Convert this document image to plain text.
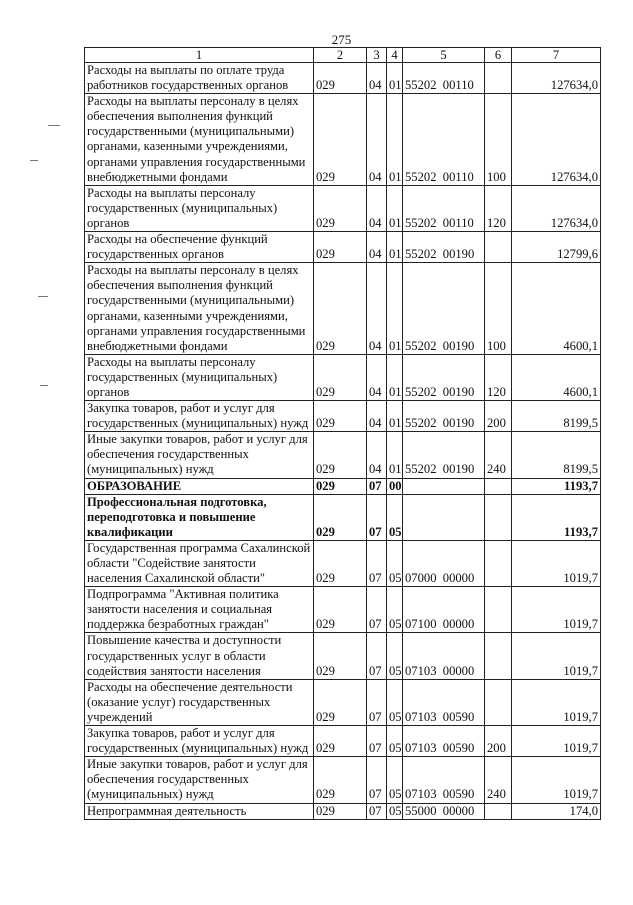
275
1	2	3	4	5	6	7
Расходы на выплаты по оплате труда работников государственных органов	029	04	01	55202  00110		127634,0
Расходы на выплаты персоналу в целях обеспечения выполнения функций государственными (муниципальными) органами, казенными учреждениями, органами управления государственными внебюджетными фондами	029	04	01	55202  00110	100	127634,0
Расходы на выплаты персоналу государственных (муниципальных) органов	029	04	01	55202  00110	120	127634,0
Расходы на обеспечение функций государственных органов	029	04	01	55202  00190		12799,6
Расходы на выплаты персоналу в целях обеспечения выполнения функций государственными (муниципальными) органами, казенными учреждениями, органами управления государственными внебюджетными фондами	029	04	01	55202  00190	100	4600,1
Расходы на выплаты персоналу государственных (муниципальных) органов	029	04	01	55202  00190	120	4600,1
Закупка товаров, работ и услуг для государственных (муниципальных) нужд	029	04	01	55202  00190	200	8199,5
Иные закупки товаров, работ и услуг для обеспечения государственных (муниципальных) нужд	029	04	01	55202  00190	240	8199,5
ОБРАЗОВАНИЕ	029	07	00			1193,7
Профессиональная подготовка, переподготовка и повышение квалификации	029	07	05			1193,7
Государственная программа Сахалинской области "Содействие занятости населения Сахалинской области"	029	07	05	07000  00000		1019,7
Подпрограмма "Активная политика занятости населения и социальная поддержка безработных граждан"	029	07	05	07100  00000		1019,7
Повышение качества и доступности государственных услуг в области содействия занятости населения	029	07	05	07103  00000		1019,7
Расходы на обеспечение деятельности (оказание услуг) государственных учреждений	029	07	05	07103  00590		1019,7
Закупка товаров, работ и услуг для государственных (муниципальных) нужд	029	07	05	07103  00590	200	1019,7
Иные закупки товаров, работ и услуг для обеспечения государственных (муниципальных) нужд	029	07	05	07103  00590	240	1019,7
Непрограммная деятельность	029	07	05	55000  00000		174,0
